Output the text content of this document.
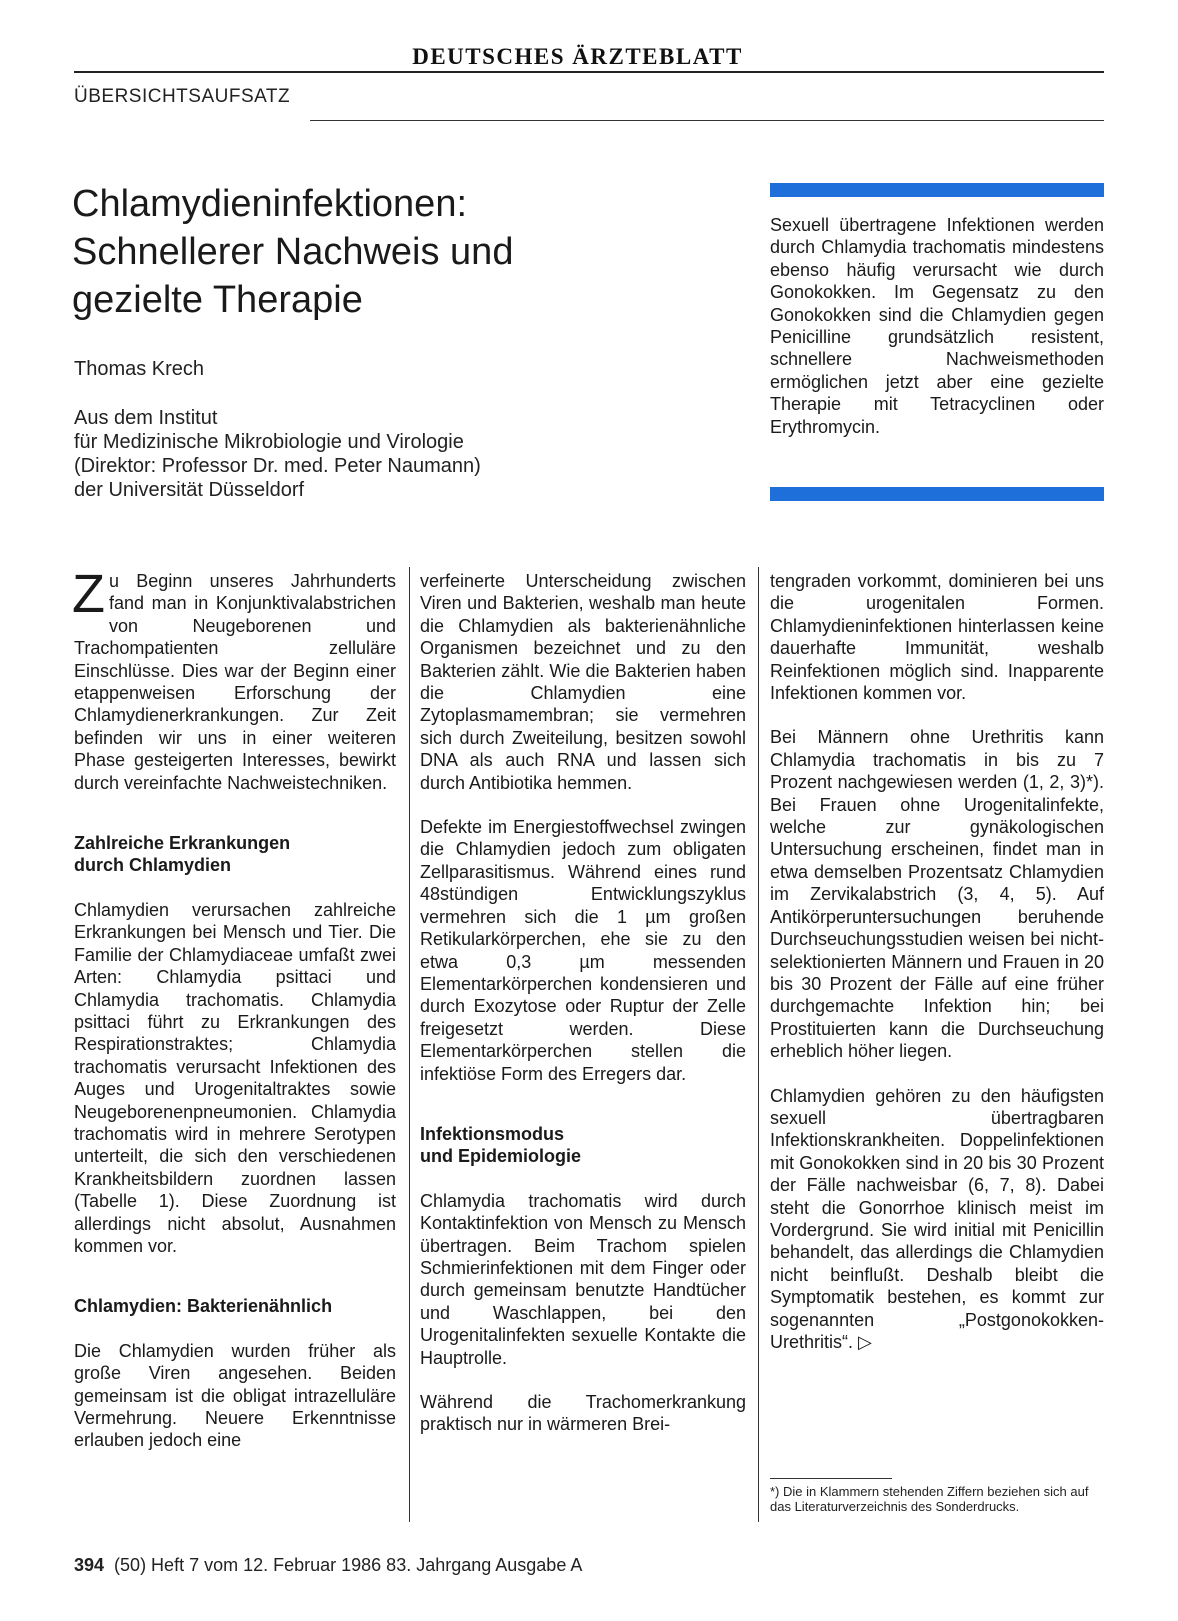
DEUTSCHES ÄRZTEBLATT
ÜBERSICHTSAUFSATZ
Chlamydieninfektionen:
Schnellerer Nachweis und
gezielte Therapie
Thomas Krech
Aus dem Institut
für Medizinische Mikrobiologie und Virologie
(Direktor: Professor Dr. med. Peter Naumann)
der Universität Düsseldorf
Sexuell übertragene Infektionen werden durch Chlamydia trachomatis mindestens ebenso häufig verursacht wie durch Gonokokken. Im Gegensatz zu den Gonokokken sind die Chlamydien gegen Penicilline grundsätzlich resistent, schnellere Nachweismethoden ermöglichen jetzt aber eine gezielte Therapie mit Tetracyclinen oder Erythromycin.

Zu Beginn unseres Jahrhunderts fand man in Konjunktivalabstrichen von Neugeborenen und Trachompatienten zelluläre Einschlüsse. Dies war der Beginn einer etappenweisen Erforschung der Chlamydienerkrankungen. Zur Zeit befinden wir uns in einer weiteren Phase gesteigerten Interesses, bewirkt durch vereinfachte Nachweistechniken.

Zahlreiche Erkrankungen
durch Chlamydien

Chlamydien verursachen zahlreiche Erkrankungen bei Mensch und Tier. Die Familie der Chlamydiaceae umfaßt zwei Arten: Chlamydia psittaci und Chlamydia trachomatis. Chlamydia psittaci führt zu Erkrankungen des Respirationstraktes; Chlamydia trachomatis verursacht Infektionen des Auges und Urogenitaltraktes sowie Neugeborenenpneumonien. Chlamydia trachomatis wird in mehrere Serotypen unterteilt, die sich den verschiedenen Krankheitsbildern zuordnen lassen (Tabelle 1). Diese Zuordnung ist allerdings nicht absolut, Ausnahmen kommen vor.

Chlamydien: Bakterienähnlich

Die Chlamydien wurden früher als große Viren angesehen. Beiden gemeinsam ist die obligat intrazelluläre Vermehrung. Neuere Erkenntnisse erlauben jedoch eine

verfeinerte Unterscheidung zwischen Viren und Bakterien, weshalb man heute die Chlamydien als bakterienähnliche Organismen bezeichnet und zu den Bakterien zählt. Wie die Bakterien haben die Chlamydien eine Zytoplasmamembran; sie vermehren sich durch Zweiteilung, besitzen sowohl DNA als auch RNA und lassen sich durch Antibiotika hemmen.

Defekte im Energiestoffwechsel zwingen die Chlamydien jedoch zum obligaten Zellparasitismus. Während eines rund 48stündigen Entwicklungszyklus vermehren sich die 1 µm großen Retikularkörperchen, ehe sie zu den etwa 0,3 µm messenden Elementarkörperchen kondensieren und durch Exozytose oder Ruptur der Zelle freigesetzt werden. Diese Elementarkörperchen stellen die infektiöse Form des Erregers dar.

Infektionsmodus
und Epidemiologie

Chlamydia trachomatis wird durch Kontaktinfektion von Mensch zu Mensch übertragen. Beim Trachom spielen Schmierinfektionen mit dem Finger oder durch gemeinsam benutzte Handtücher und Waschlappen, bei den Urogenitalinfekten sexuelle Kontakte die Hauptrolle.

Während die Trachomerkrankung praktisch nur in wärmeren Brei-

tengraden vorkommt, dominieren bei uns die urogenitalen Formen. Chlamydieninfektionen hinterlassen keine dauerhafte Immunität, weshalb Reinfektionen möglich sind. Inapparente Infektionen kommen vor.

Bei Männern ohne Urethritis kann Chlamydia trachomatis in bis zu 7 Prozent nachgewiesen werden (1, 2, 3)*). Bei Frauen ohne Urogenitalinfekte, welche zur gynäkologischen Untersuchung erscheinen, findet man in etwa demselben Prozentsatz Chlamydien im Zervikalabstrich (3, 4, 5). Auf Antikörperuntersuchungen beruhende Durchseuchungsstudien weisen bei nicht-selektionierten Männern und Frauen in 20 bis 30 Prozent der Fälle auf eine früher durchgemachte Infektion hin; bei Prostituierten kann die Durchseuchung erheblich höher liegen.

Chlamydien gehören zu den häufigsten sexuell übertragbaren Infektionskrankheiten. Doppelinfektionen mit Gonokokken sind in 20 bis 30 Prozent der Fälle nachweisbar (6, 7, 8). Dabei steht die Gonorrhoe klinisch meist im Vordergrund. Sie wird initial mit Penicillin behandelt, das allerdings die Chlamydien nicht beinflußt. Deshalb bleibt die Symptomatik bestehen, es kommt zur sogenannten „Postgonokokken-Urethritis“. ▷

*) Die in Klammern stehenden Ziffern beziehen sich auf das Literaturverzeichnis des Sonderdrucks.
394 (50) Heft 7 vom 12. Februar 1986 83. Jahrgang Ausgabe A
